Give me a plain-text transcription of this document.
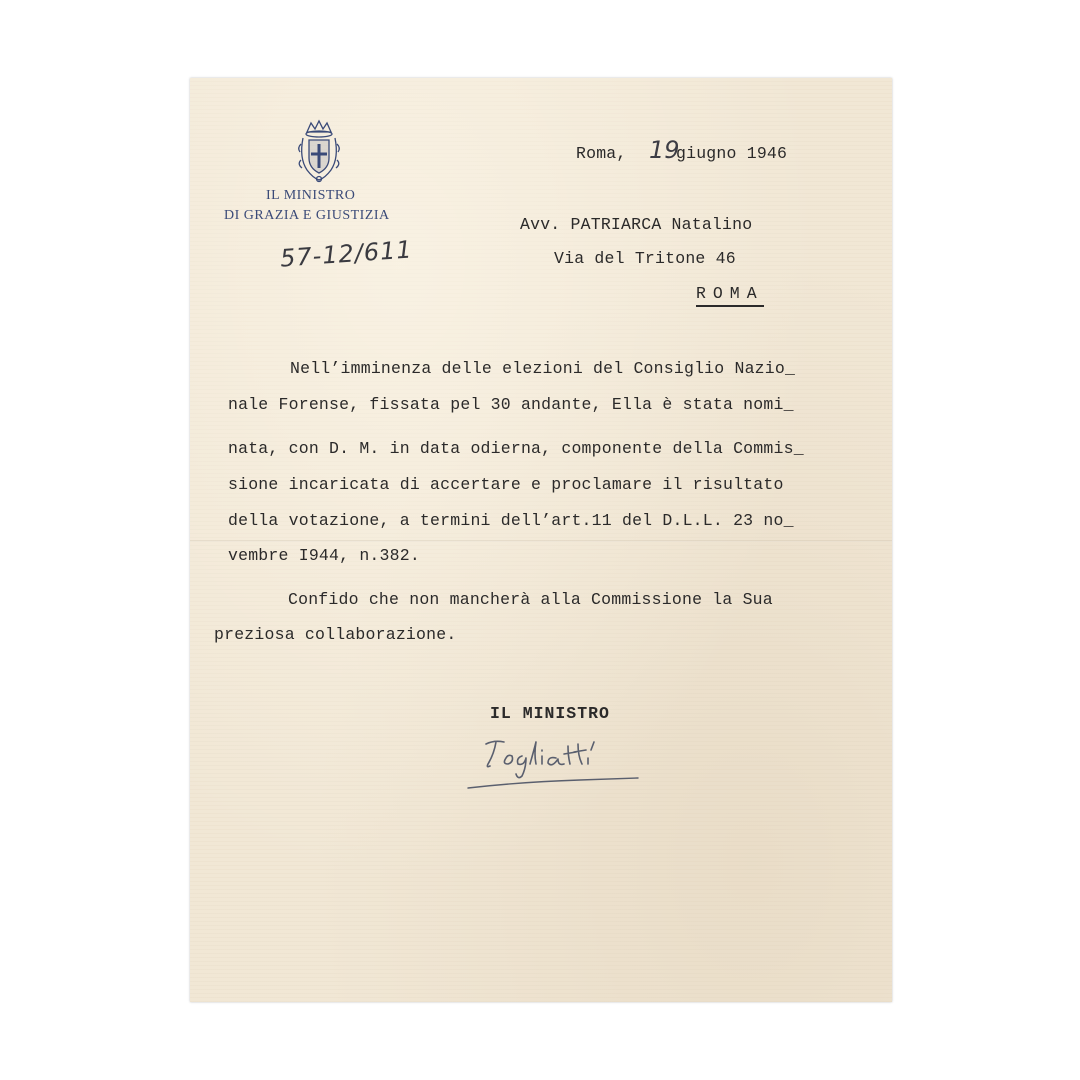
IL MINISTRO
DI GRAZIA E GIUSTIZIA
57-12/611
Roma, 19
giugno 1946
Avv. PATRIARCA Natalino
Via del Tritone 46
ROMA
Nell’imminenza delle elezioni del Consiglio Nazio_
nale Forense, fissata pel 30 andante, Ella è stata nomi_
nata, con D. M. in data odierna, componente della Commis_
sione incaricata di accertare e proclamare il risultato
della votazione, a termini dell’art.11 del D.L.L. 23 no_
vembre I944, n.382.
Confido che non mancherà alla Commissione la Sua
preziosa collaborazione.
IL MINISTRO
